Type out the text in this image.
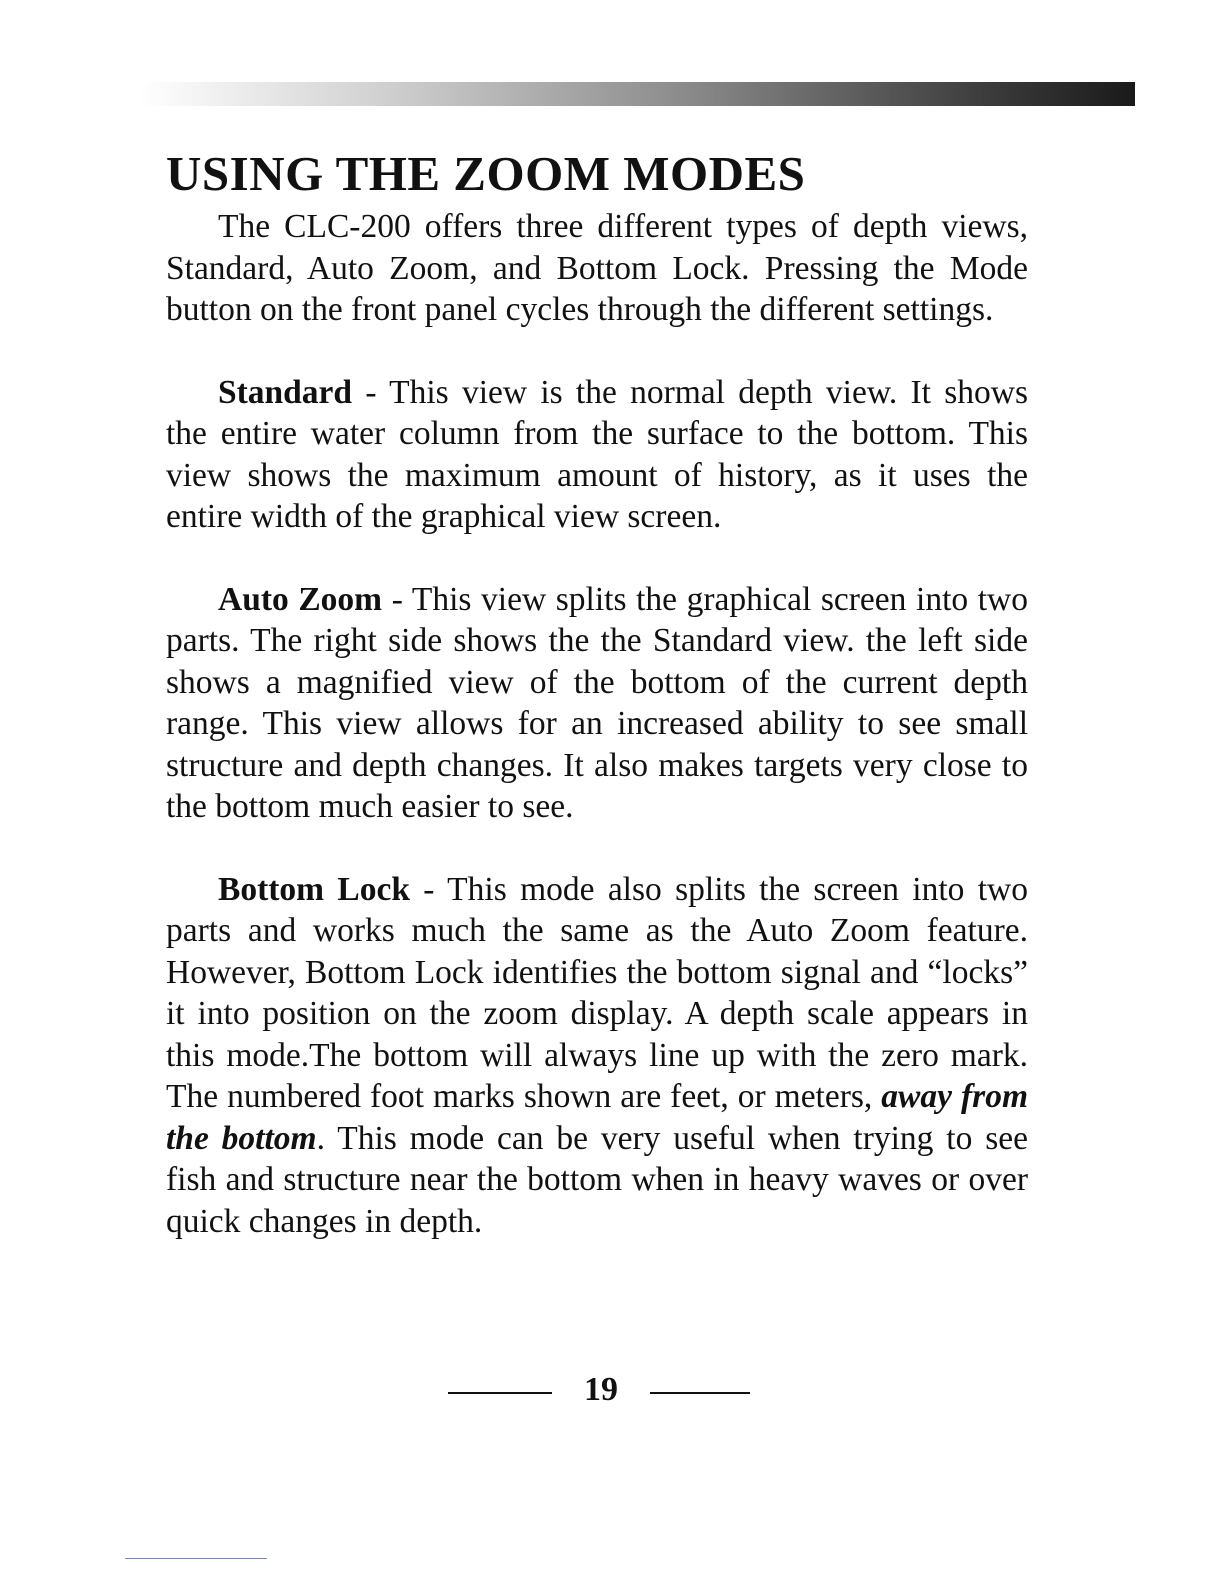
USING THE ZOOM MODES

The CLC-200 offers three different types of depth views, Standard, Auto Zoom, and Bottom Lock. Pressing the Mode button on the front panel cycles through the different settings.

Standard - This view is the normal depth view. It shows the entire water column from the surface to the bottom. This view shows the maximum amount of history, as it uses the entire width of the graphical view screen.

Auto Zoom - This view splits the graphical screen into two parts. The right side shows the the Standard view. the left side shows a magnified view of the bottom of the current depth range. This view allows for an increased ability to see small structure and depth changes. It also makes targets very close to the bottom much easier to see.

Bottom Lock - This mode also splits the screen into two parts and works much the same as the Auto Zoom feature. However, Bottom Lock identifies the bottom signal and “locks” it into position on the zoom display. A depth scale appears in this mode.The bottom will always line up with the zero mark. The numbered foot marks shown are feet, or meters, away from the bottom. This mode can be very useful when trying to see fish and structure near the bottom when in heavy waves or over quick changes in depth.

19
